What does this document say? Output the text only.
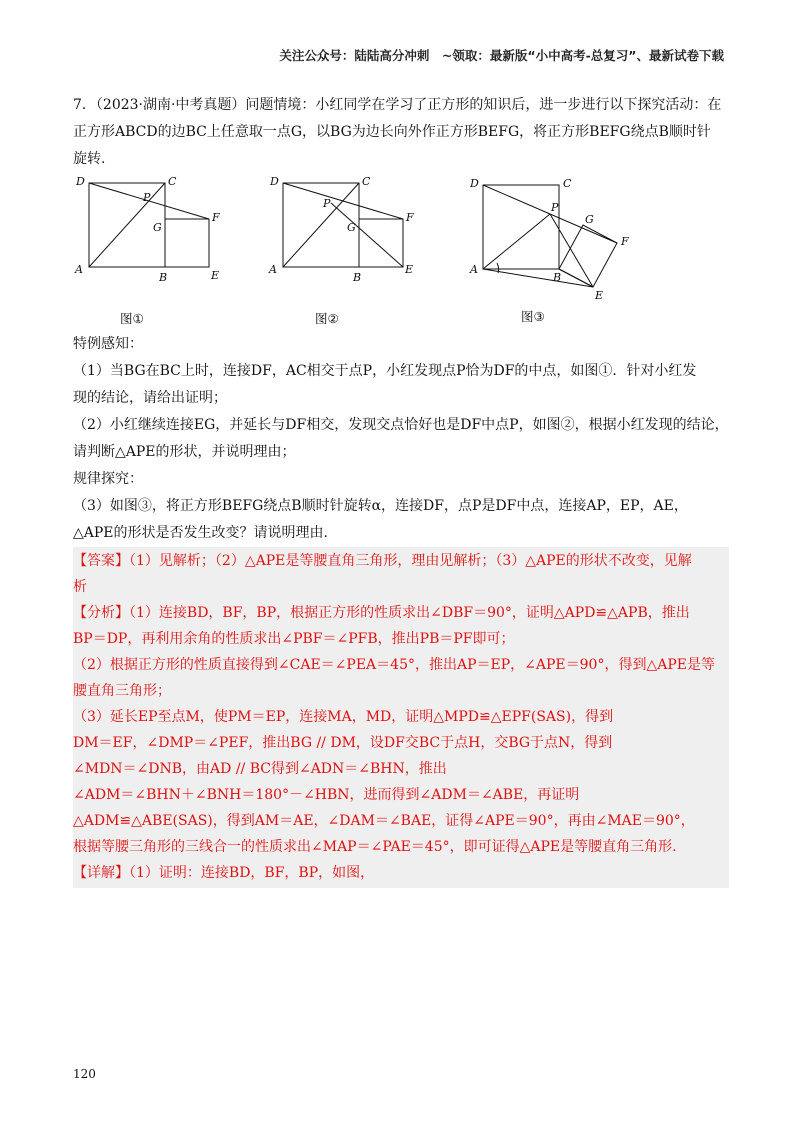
关注公众号：陆陆高分冲刺　~领取：最新版“小中高考-总复习”、最新试卷下载

7．（2023·湖南·中考真题）问题情境：小红同学在学习了正方形的知识后，进一步进行以下探究活动：在

正方形ABCD的边BC上任意取一点G，以BG为边长向外作正方形BEFG，将正方形BEFG绕点B顺时针

旋转.

D	C
A
B	E
F
G
P
图①
D	C
A
B
E
F
G
P
图②
D	C
A
B
E
F
G
P
图③

特例感知：

（1）当BG在BC上时，连接DF，AC相交于点P，小红发现点P恰为DF的中点，如图①．针对小红发

现的结论，请给出证明；

（2）小红继续连接EG，并延长与DF相交，发现交点恰好也是DF中点P，如图②，根据小红发现的结论，

请判断△APE的形状，并说明理由；

规律探究：

（3）如图③，将正方形BEFG绕点B顺时针旋转α，连接DF，点P是DF中点，连接AP，EP，AE，

△APE的形状是否发生改变？请说明理由.

【答案】（1）见解析；（2）△APE是等腰直角三角形，理由见解析；（3）△APE的形状不改变，见解

析

【分析】（1）连接BD，BF，BP，根据正方形的性质求出∠DBF＝90°，证明△APD≌△APB，推出

BP＝DP，再利用余角的性质求出∠PBF＝∠PFB，推出PB＝PF即可；

（2）根据正方形的性质直接得到∠CAE＝∠PEA＝45°，推出AP＝EP，∠APE＝90°，得到△APE是等

腰直角三角形；

（3）延长EP至点M，使PM＝EP，连接MA，MD，证明△MPD≌△EPF(SAS)，得到

DM＝EF，∠DMP＝∠PEF，推出BG // DM，设DF交BC于点H，交BG于点N，得到

∠MDN＝∠DNB，由AD // BC得到∠ADN＝∠BHN，推出

∠ADM＝∠BHN＋∠BNH＝180°－∠HBN，进而得到∠ADM＝∠ABE，再证明

△ADM≌△ABE(SAS)，得到AM＝AE，∠DAM＝∠BAE，证得∠APE＝90°，再由∠MAE＝90°，

根据等腰三角形的三线合一的性质求出∠MAP＝∠PAE＝45°，即可证得△APE是等腰直角三角形.

【详解】（1）证明：连接BD，BF，BP，如图，

120
